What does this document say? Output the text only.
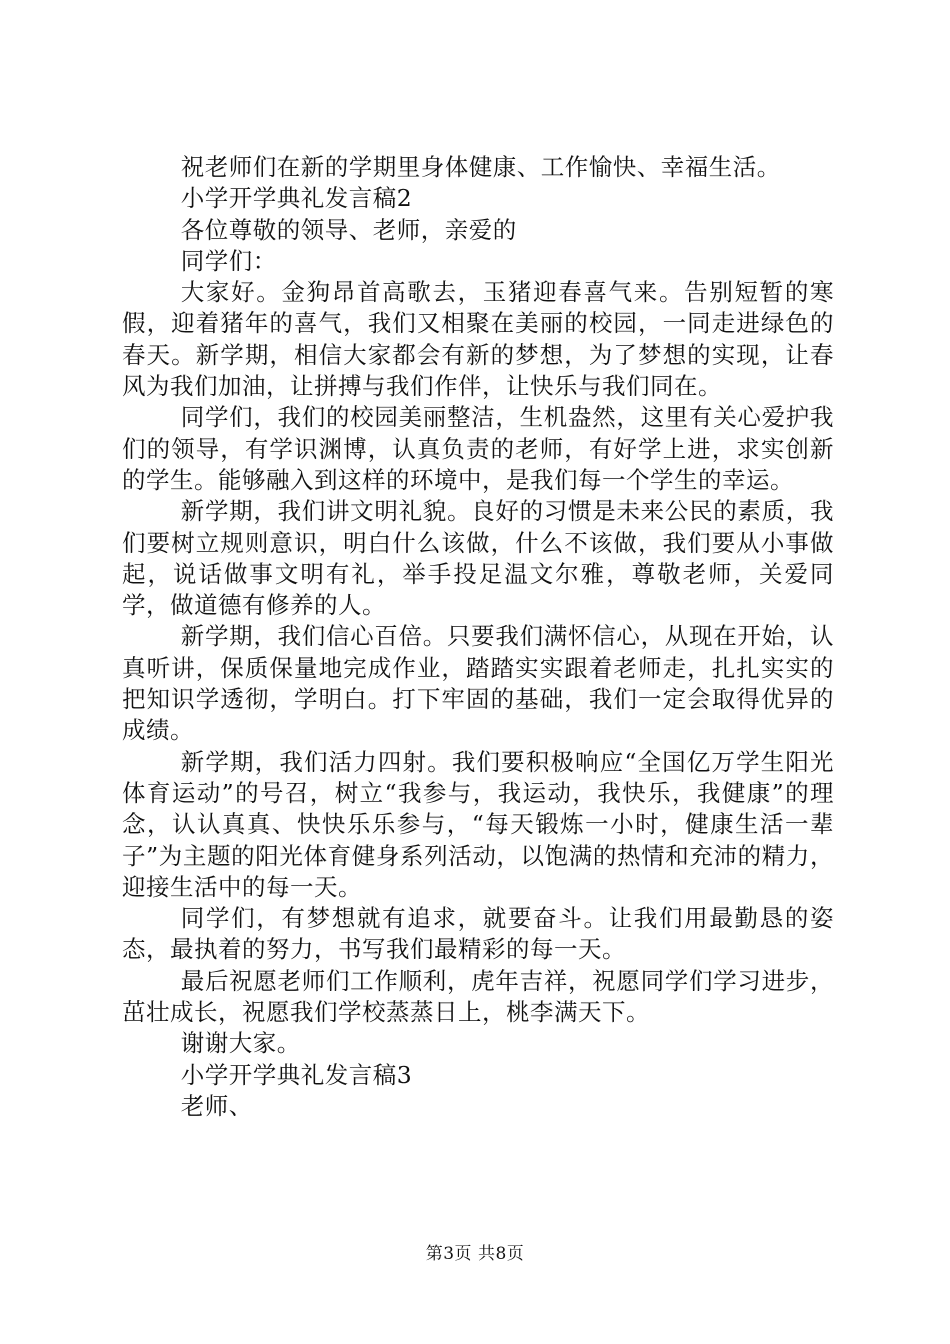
祝老师们在新的学期里身体健康、工作愉快、幸福生活。

小学开学典礼发言稿2

各位尊敬的领导、老师，亲爱的

同学们：

大家好。金狗昂首高歌去，玉猪迎春喜气来。告别短暂的寒假，迎着猪年的喜气，我们又相聚在美丽的校园，一同走进绿色的春天。新学期，相信大家都会有新的梦想，为了梦想的实现，让春风为我们加油，让拼搏与我们作伴，让快乐与我们同在。

同学们，我们的校园美丽整洁，生机盎然，这里有关心爱护我们的领导，有学识渊博，认真负责的老师，有好学上进，求实创新的学生。能够融入到这样的环境中，是我们每一个学生的幸运。

新学期，我们讲文明礼貌。良好的习惯是未来公民的素质，我们要树立规则意识，明白什么该做，什么不该做，我们要从小事做起，说话做事文明有礼，举手投足温文尔雅，尊敬老师，关爱同学，做道德有修养的人。

新学期，我们信心百倍。只要我们满怀信心，从现在开始，认真听讲，保质保量地完成作业，踏踏实实跟着老师走，扎扎实实的把知识学透彻，学明白。打下牢固的基础，我们一定会取得优异的成绩。

新学期，我们活力四射。我们要积极响应“全国亿万学生阳光体育运动”的号召，树立“我参与，我运动，我快乐，我健康”的理念，认认真真、快快乐乐参与，“每天锻炼一小时，健康生活一辈子”为主题的阳光体育健身系列活动，以饱满的热情和充沛的精力，迎接生活中的每一天。

同学们，有梦想就有追求，就要奋斗。让我们用最勤恳的姿态，最执着的努力，书写我们最精彩的每一天。

最后祝愿老师们工作顺利，虎年吉祥，祝愿同学们学习进步，茁壮成长，祝愿我们学校蒸蒸日上，桃李满天下。

谢谢大家。

小学开学典礼发言稿3

老师、

第3页 共8页
